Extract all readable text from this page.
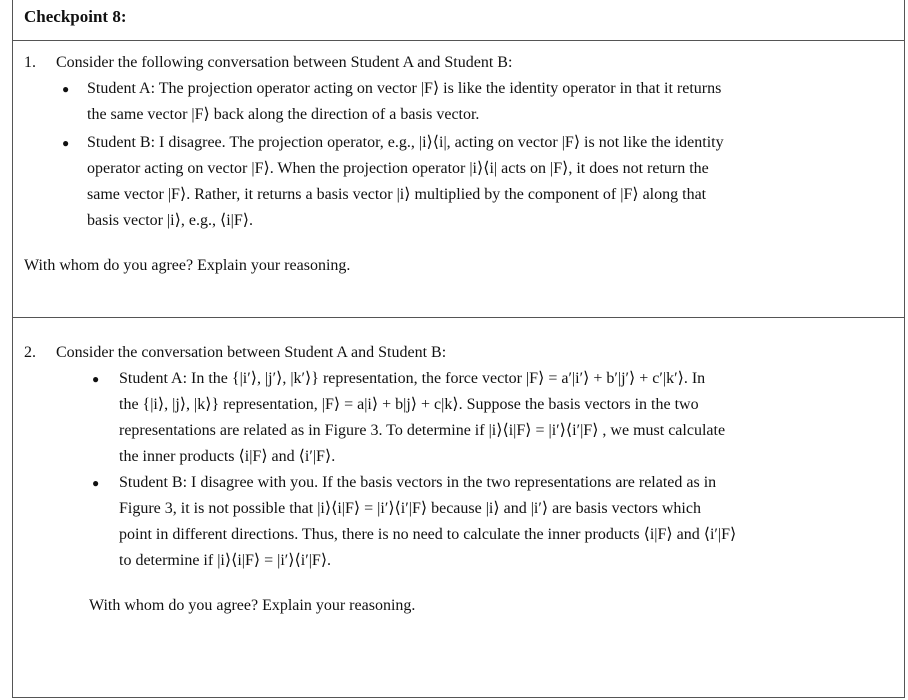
Checkpoint 8:
1. Consider the following conversation between Student A and Student B:
● Student A: The projection operator acting on vector |F⟩ is like the identity operator in that it returns
the same vector |F⟩ back along the direction of a basis vector.
● Student B: I disagree. The projection operator, e.g., |i⟩⟨i|, acting on vector |F⟩ is not like the identity
operator acting on vector |F⟩. When the projection operator |i⟩⟨i| acts on |F⟩, it does not return the
same vector |F⟩. Rather, it returns a basis vector |i⟩ multiplied by the component of |F⟩ along that
basis vector |i⟩, e.g., ⟨i|F⟩.
With whom do you agree? Explain your reasoning.
2. Consider the conversation between Student A and Student B:
● Student A: In the {|i′⟩, |j′⟩, |k′⟩} representation, the force vector |F⟩ = a′|i′⟩ + b′|j′⟩ + c′|k′⟩. In
the {|i⟩, |j⟩, |k⟩} representation, |F⟩ = a|i⟩ + b|j⟩ + c|k⟩. Suppose the basis vectors in the two
representations are related as in Figure 3. To determine if |i⟩⟨i|F⟩ = |i′⟩⟨i′|F⟩ , we must calculate
the inner products ⟨i|F⟩ and ⟨i′|F⟩.
● Student B: I disagree with you. If the basis vectors in the two representations are related as in
Figure 3, it is not possible that |i⟩⟨i|F⟩ = |i′⟩⟨i′|F⟩ because |i⟩ and |i′⟩ are basis vectors which
point in different directions. Thus, there is no need to calculate the inner products ⟨i|F⟩ and ⟨i′|F⟩
to determine if |i⟩⟨i|F⟩ = |i′⟩⟨i′|F⟩.
With whom do you agree? Explain your reasoning.
